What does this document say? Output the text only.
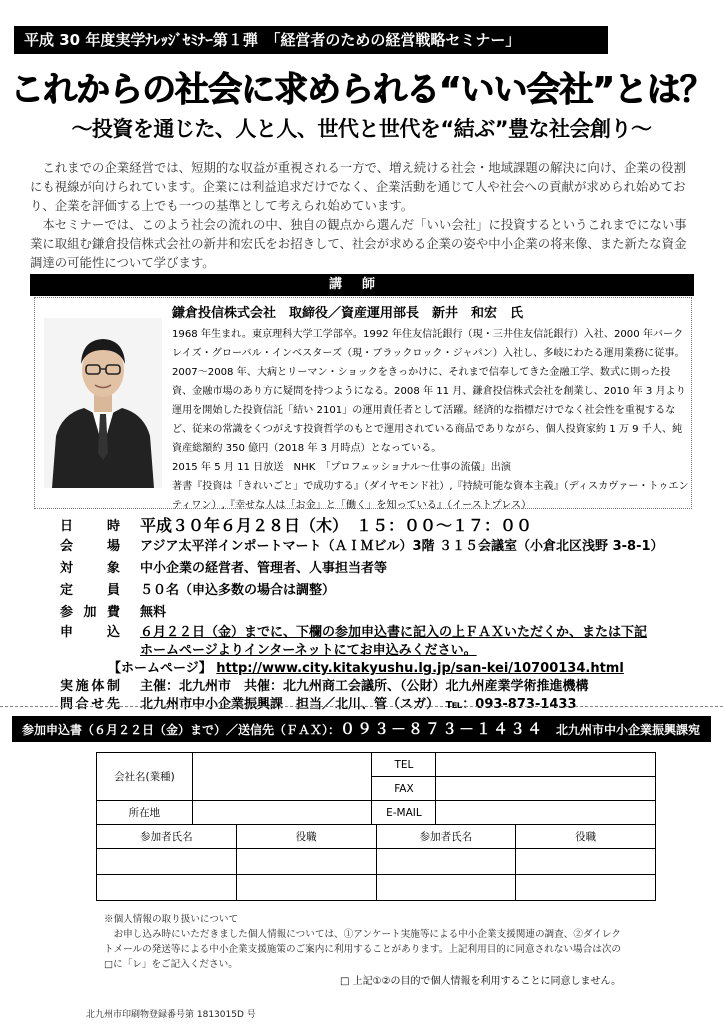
平成 30 年度実学ﾅﾚｯｼﾞｾﾐﾅｰ第１弾　「経営者のための経営戦略セミナー」
これからの社会に求められる“いい会社”とは？
～投資を通じた、人と人、世代と世代を“結ぶ”豊な社会創り～

これまでの企業経営では、短期的な収益が重視される一方で、増え続ける社会・地域課題の解決に向け、企業の役割にも視線が向けられています。企業には利益追求だけでなく、企業活動を通じて人や社会への貢献が求められ始めており、企業を評価する上でも一つの基準として考えられ始めています。

本セミナーでは、このよう社会の流れの中、独自の観点から選んだ「いい会社」に投資するというこれまでにない事業に取組む鎌倉投信株式会社の新井和宏氏をお招きして、社会が求める企業の姿や中小企業の将来像、また新たな資金調達の可能性について学びます。

講師
鎌倉投信株式会社　取締役／資産運用部長　新井　和宏　氏

1968 年生まれ。東京理科大学工学部卒。1992 年住友信託銀行（現・三井住友信託銀行）入社、2000 年バークレイズ・グローバル・インベスターズ（現・ブラックロック・ジャパン）入社し、多岐にわたる運用業務に従事。2007～2008 年、大病とリーマン・ショックをきっかけに、それまで信奉してきた金融工学、数式に則った投資、金融市場のあり方に疑問を持つようになる。2008 年 11 月、鎌倉投信株式会社を創業し、2010 年 3 月より運用を開始した投資信託「結い 2101」の運用責任者として活躍。経済的な指標だけでなく社会性を重視するなど、従来の常識をくつがえす投資哲学のもとで運用されている商品でありながら、個人投資家約 1 万 9 千人、純資産総額約 350 億円（2018 年 3 月時点）となっている。

2015 年 5 月 11 日放送　NHK　「プロフェッショナル～仕事の流儀」出演

著書『投資は「きれいごと」で成功する』（ダイヤモンド社）,『持続可能な資本主義』（ディスカヴァー・トゥエンティワン）,『幸せな人は「お金」と「働く」を知っている』（イーストプレス）

日時 平成３０年６月２８日（木）　１５：００～１７：００
会場 アジア太平洋インポートマート（ＡＩＭビル）3階 ３１５会議室（小倉北区浅野 3-8-1）
対象 中小企業の経営者、管理者、人事担当者等
定員 ５０名（申込多数の場合は調整）
参加費 無料
申込 ６月２２日（金）までに、下欄の参加申込書に記入の上ＦＡＸいただくか、または下記
ホームページよりインターネットにてお申込みください。
【ホームページ】 http://www.city.kitakyushu.lg.jp/san-kei/10700134.html
実施体制 主催：北九州市　共催：北九州商工会議所、（公財）北九州産業学術推進機構
問合せ先 北九州市中小企業振興課　担当／北川、管（スガ）　℡：093-873-1433
参加申込書（６月２２日（金）まで）／送信先（ＦＡＸ）：０９３－８７３－１４３４　 北九州市中小企業振興課宛
会社名(業種)		TEL	
		FAX	
所在地		E-MAIL	
参加者氏名	役職	参加者氏名	役職

※個人情報の取り扱いについて

お申し込み時にいただきました個人情報については、①アンケート実施等による中小企業支援関連の調査、②ダイレクトメールの発送等による中小企業支援施策のご案内に利用することがあります。上記利用目的に同意されない場合は次の□に「レ」をご記入ください。

□ 上記①②の目的で個人情報を利用することに同意しません。
北九州市印刷物登録番号第 1813015D 号
